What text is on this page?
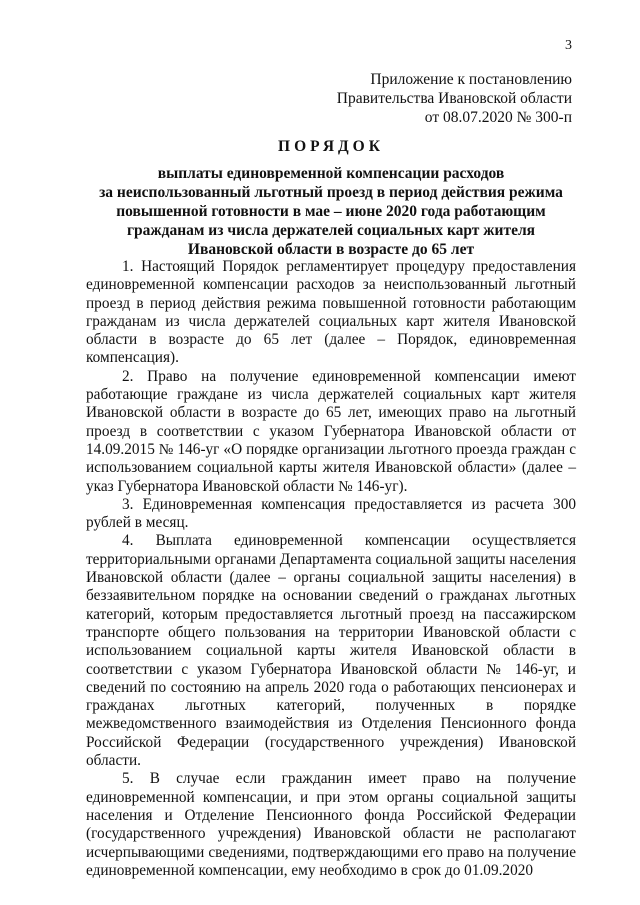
3
Приложение к постановлению
Правительства Ивановской области
от 08.07.2020 № 300-п
ПОРЯДОК
выплаты единовременной компенсации расходов
за неиспользованный льготный проезд в период действия режима
повышенной готовности в мае – июне 2020 года работающим
гражданам из числа держателей социальных карт жителя
Ивановской области в возрасте до 65 лет

1. Настоящий Порядок регламентирует процедуру предоставления единовременной компенсации расходов за неиспользованный льготный проезд в период действия режима повышенной готовности работающим гражданам из числа держателей социальных карт жителя Ивановской области в возрасте до 65 лет (далее – Порядок, единовременная компенсация).

2. Право на получение единовременной компенсации имеют работающие граждане из числа держателей социальных карт жителя Ивановской области в возрасте до 65 лет, имеющих право на льготный проезд в соответствии с указом Губернатора Ивановской области от 14.09.2015 № 146-уг «О порядке организации льготного проезда граждан с использованием социальной карты жителя Ивановской области» (далее – указ Губернатора Ивановской области № 146-уг).

3. Единовременная компенсация предоставляется из расчета 300 рублей в месяц.

4. Выплата единовременной компенсации осуществляется территориальными органами Департамента социальной защиты населения Ивановской области (далее – органы социальной защиты населения) в беззаявительном порядке на основании сведений о гражданах льготных категорий, которым предоставляется льготный проезд на пассажирском транспорте общего пользования на территории Ивановской области с использованием социальной карты жителя Ивановской области в соответствии с указом Губернатора Ивановской области № 146-уг, и сведений по состоянию на апрель 2020 года о работающих пенсионерах и гражданах льготных категорий, полученных в порядке межведомственного взаимодействия из Отделения Пенсионного фонда Российской Федерации (государственного учреждения) Ивановской области.

5. В случае если гражданин имеет право на получение единовременной компенсации, и при этом органы социальной защиты населения и Отделение Пенсионного фонда Российской Федерации (государственного учреждения) Ивановской области не располагают исчерпывающими сведениями, подтверждающими его право на получение единовременной компенсации, ему необходимо в срок до 01.09.2020
